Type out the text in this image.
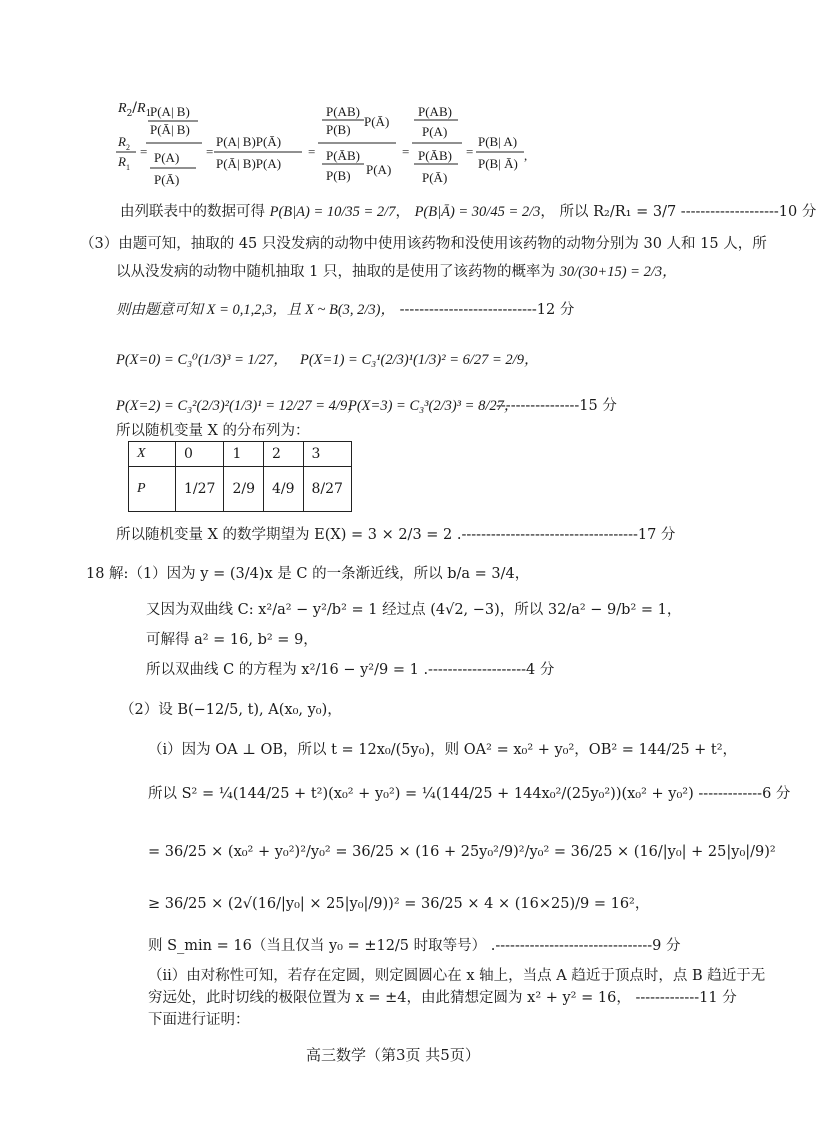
$R_2/R_1$
R 2
R 1
=
P(A| B)
P(Ā| B)
P(A)
P(Ā)
=
P(A| B)P(Ā)
P(Ā| B)P(A)
=
P(AB)
P(B)
P(Ā)
P(ĀB)
P(B) P(A)
=
P(AB)
P(A)
P(ĀB)
P(Ā)
=
P(B| A)
P(B| Ā)
,
由列联表中的数据可得 P(B|A) = 10/35 = 2/7， P(B|Ā) = 30/45 = 2/3， 所以 R₂/R₁ = 3/7 --------------------10 分
（3）由题可知，抽取的 45 只没发病的动物中使用该药物和没使用该药物的动物分别为 30 人和 15 人，所
以从没发病的动物中随机抽取 1 只，抽取的是使用了该药物的概率为 30/(30+15) = 2/3，
则由题意可知 X = 0,1,2,3，且 X ~ B(3, 2/3)， ----------------------------12 分
P(X=0) = C₃⁰(1/3)³ = 1/27， P(X=1) = C₃¹(2/3)¹(1/3)² = 6/27 = 2/9，
P(X=2) = C₃²(2/3)²(1/3)¹ = 12/27 = 4/9，
P(X=3) = C₃³(2/3)³ = 8/27，
-----------------15 分
所以随机变量 X 的分布列为：
X	0	1	2	3
P	1/27	2/9	4/9	8/27
所以随机变量 X 的数学期望为 E(X) = 3 × 2/3 = 2 .------------------------------------17 分
18 解:（1）因为 y = (3/4)x 是 C 的一条渐近线，所以 b/a = 3/4，
又因为双曲线 C: x²/a² − y²/b² = 1 经过点 (4√2, −3)，所以 32/a² − 9/b² = 1，
可解得 a² = 16, b² = 9，
所以双曲线 C 的方程为 x²/16 − y²/9 = 1 .--------------------4 分
（2）设 B(−12/5, t), A(x₀, y₀)，
（i）因为 OA ⊥ OB，所以 t = 12x₀/(5y₀)，则 OA² = x₀² + y₀²，OB² = 144/25 + t²，
所以 S² = ¼(144/25 + t²)(x₀² + y₀²) = ¼(144/25 + 144x₀²/(25y₀²))(x₀² + y₀²) -------------6 分
= 36/25 × (x₀² + y₀²)²/y₀² = 36/25 × (16 + 25y₀²/9)²/y₀² = 36/25 × (16/|y₀| + 25|y₀|/9)²
≥ 36/25 × (2√(16/|y₀| × 25|y₀|/9))² = 36/25 × 4 × (16×25)/9 = 16²，
则 S_min = 16（当且仅当 y₀ = ±12/5 时取等号） .--------------------------------9 分
（ii）由对称性可知，若存在定圆，则定圆圆心在 x 轴上，当点 A 趋近于顶点时，点 B 趋近于无
穷远处，此时切线的极限位置为 x = ±4，由此猜想定圆为 x² + y² = 16， -------------11 分
下面进行证明：
高三数学（第3页 共5页）
